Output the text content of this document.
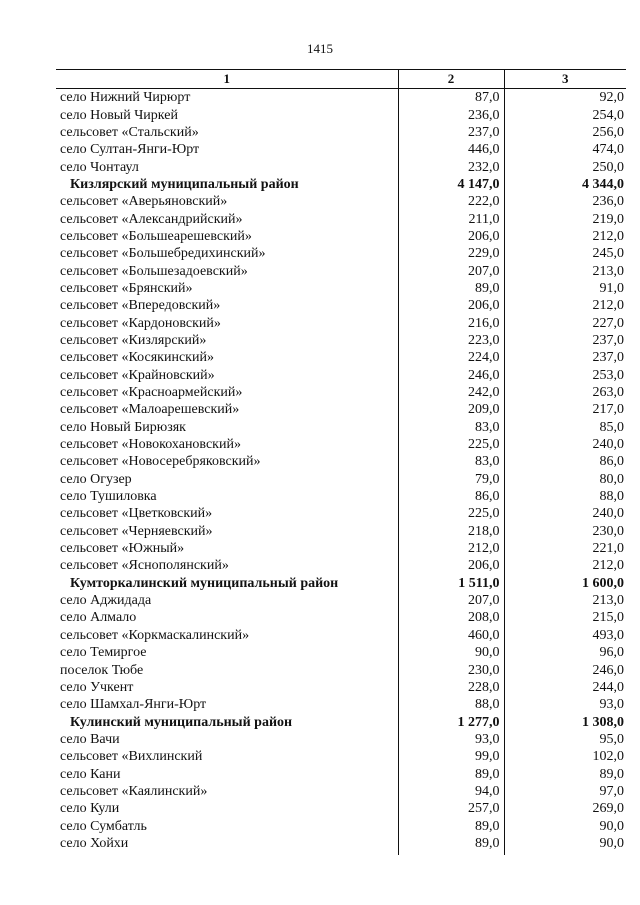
1415
1	2	3
село Нижний Чирюрт	87,0	92,0
село Новый Чиркей	236,0	254,0
сельсовет «Стальский»	237,0	256,0
село Султан-Янги-Юрт	446,0	474,0
село Чонтаул	232,0	250,0
Кизлярский муниципальный район	4 147,0	4 344,0
сельсовет «Аверьяновский»	222,0	236,0
сельсовет «Александрийский»	211,0	219,0
сельсовет «Большеарешевский»	206,0	212,0
сельсовет «Большебредихинский»	229,0	245,0
сельсовет «Большезадоевский»	207,0	213,0
сельсовет «Брянский»	89,0	91,0
сельсовет «Впередовский»	206,0	212,0
сельсовет «Кардоновский»	216,0	227,0
сельсовет «Кизлярский»	223,0	237,0
сельсовет «Косякинский»	224,0	237,0
сельсовет «Крайновский»	246,0	253,0
сельсовет «Красноармейский»	242,0	263,0
сельсовет «Малоарешевский»	209,0	217,0
село Новый Бирюзяк	83,0	85,0
сельсовет «Новокохановский»	225,0	240,0
сельсовет «Новосеребряковский»	83,0	86,0
село Огузер	79,0	80,0
село Тушиловка	86,0	88,0
сельсовет «Цветковский»	225,0	240,0
сельсовет «Черняевский»	218,0	230,0
сельсовет «Южный»	212,0	221,0
сельсовет «Яснополянский»	206,0	212,0
Кумторкалинский муниципальный район	1 511,0	1 600,0
село Аджидада	207,0	213,0
село Алмало	208,0	215,0
сельсовет «Коркмаскалинский»	460,0	493,0
село Темиргое	90,0	96,0
поселок Тюбе	230,0	246,0
село Учкент	228,0	244,0
село Шамхал-Янги-Юрт	88,0	93,0
Кулинский муниципальный район	1 277,0	1 308,0
село Вачи	93,0	95,0
сельсовет «Вихлинский	99,0	102,0
село Кани	89,0	89,0
сельсовет «Каялинский»	94,0	97,0
село Кули	257,0	269,0
село Сумбатль	89,0	90,0
село Хойхи	89,0	90,0
